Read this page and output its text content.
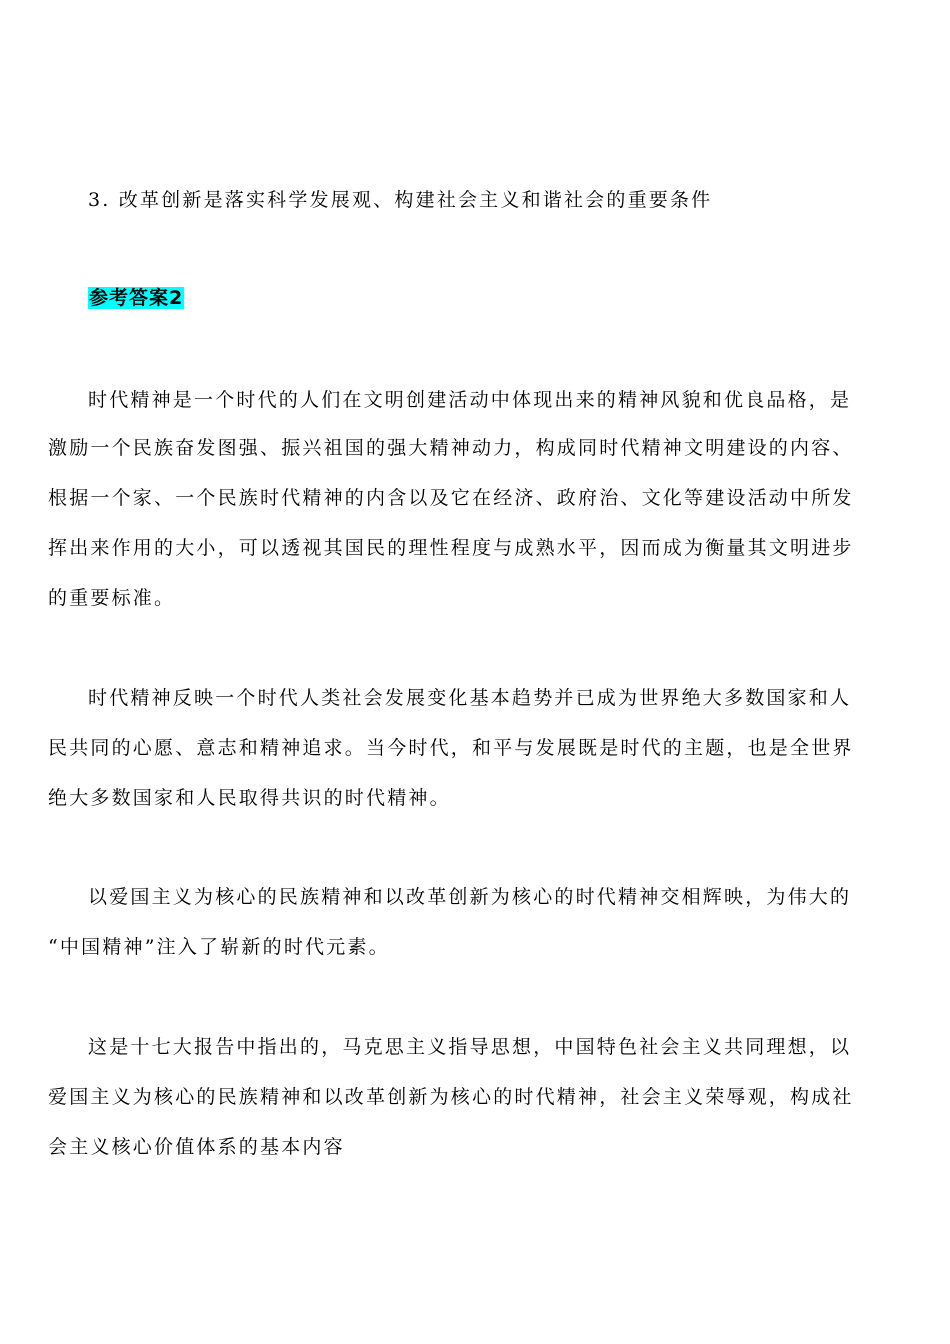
3. 改革创新是落实科学发展观、构建社会主义和谐社会的重要条件
参考答案2
时代精神是一个时代的人们在文明创建活动中体现出来的精神风貌和优良品格，是
激励一个民族奋发图强、振兴祖国的强大精神动力，构成同时代精神文明建设的内容、
根据一个家、一个民族时代精神的内含以及它在经济、政府治、文化等建设活动中所发
挥出来作用的大小，可以透视其国民的理性程度与成熟水平，因而成为衡量其文明进步
的重要标准。
时代精神反映一个时代人类社会发展变化基本趋势并已成为世界绝大多数国家和人
民共同的心愿、意志和精神追求。当今时代，和平与发展既是时代的主题，也是全世界
绝大多数国家和人民取得共识的时代精神。
以爱国主义为核心的民族精神和以改革创新为核心的时代精神交相辉映，为伟大的
“中国精神”注入了崭新的时代元素。
这是十七大报告中指出的，马克思主义指导思想，中国特色社会主义共同理想，以
爱国主义为核心的民族精神和以改革创新为核心的时代精神，社会主义荣辱观，构成社
会主义核心价值体系的基本内容
